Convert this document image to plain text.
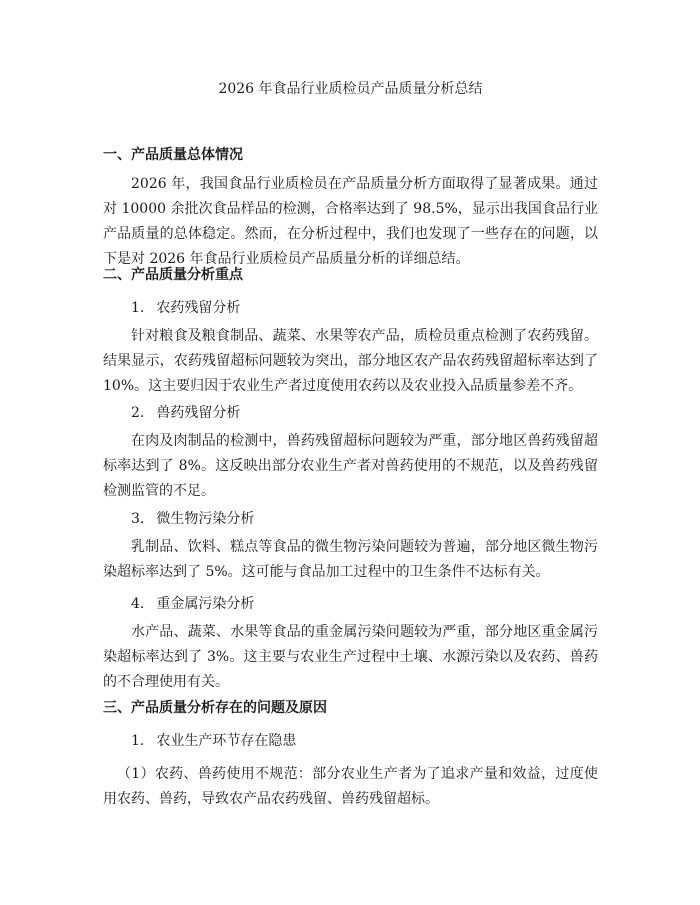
2026 年食品行业质检员产品质量分析总结
一、产品质量总体情况
2026 年，我国食品行业质检员在产品质量分析方面取得了显著成果。通过对 10000 余批次食品样品的检测，合格率达到了 98.5%，显示出我国食品行业产品质量的总体稳定。然而，在分析过程中，我们也发现了一些存在的问题，以下是对 2026 年食品行业质检员产品质量分析的详细总结。
二、产品质量分析重点
1. 农药残留分析
针对粮食及粮食制品、蔬菜、水果等农产品，质检员重点检测了农药残留。结果显示，农药残留超标问题较为突出，部分地区农产品农药残留超标率达到了 10%。这主要归因于农业生产者过度使用农药以及农业投入品质量参差不齐。
2. 兽药残留分析
在肉及肉制品的检测中，兽药残留超标问题较为严重，部分地区兽药残留超标率达到了 8%。这反映出部分农业生产者对兽药使用的不规范，以及兽药残留检测监管的不足。
3. 微生物污染分析
乳制品、饮料、糕点等食品的微生物污染问题较为普遍，部分地区微生物污染超标率达到了 5%。这可能与食品加工过程中的卫生条件不达标有关。
4. 重金属污染分析
水产品、蔬菜、水果等食品的重金属污染问题较为严重，部分地区重金属污染超标率达到了 3%。这主要与农业生产过程中土壤、水源污染以及农药、兽药的不合理使用有关。
三、产品质量分析存在的问题及原因
1. 农业生产环节存在隐患
（1）农药、兽药使用不规范：部分农业生产者为了追求产量和效益，过度使用农药、兽药，导致农产品农药残留、兽药残留超标。
